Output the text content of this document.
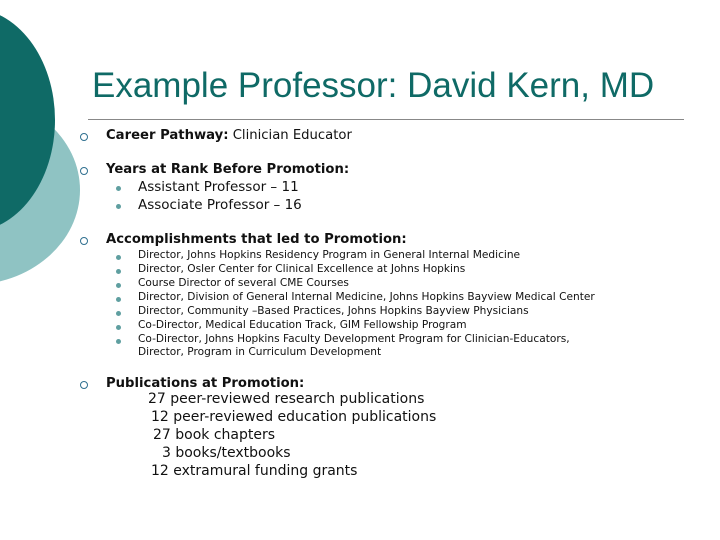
Example Professor: David Kern, MD
Career Pathway: Clinician Educator
Years at Rank Before Promotion:
Assistant Professor – 11
Associate Professor – 16
Accomplishments that led to Promotion:
Director, Johns Hopkins Residency Program in General Internal Medicine
Director, Osler Center for Clinical Excellence at Johns Hopkins
Course Director of several CME Courses
Director, Division of General Internal Medicine, Johns Hopkins Bayview Medical Center
Director, Community –Based Practices, Johns Hopkins Bayview Physicians
Co-Director, Medical Education Track, GIM Fellowship Program
Co-Director, Johns Hopkins Faculty Development Program for Clinician-Educators,
Director, Program in Curriculum Development
Publications at Promotion:
27 peer-reviewed research publications
12 peer-reviewed education publications
27 book chapters
3 books/textbooks
12 extramural funding grants
